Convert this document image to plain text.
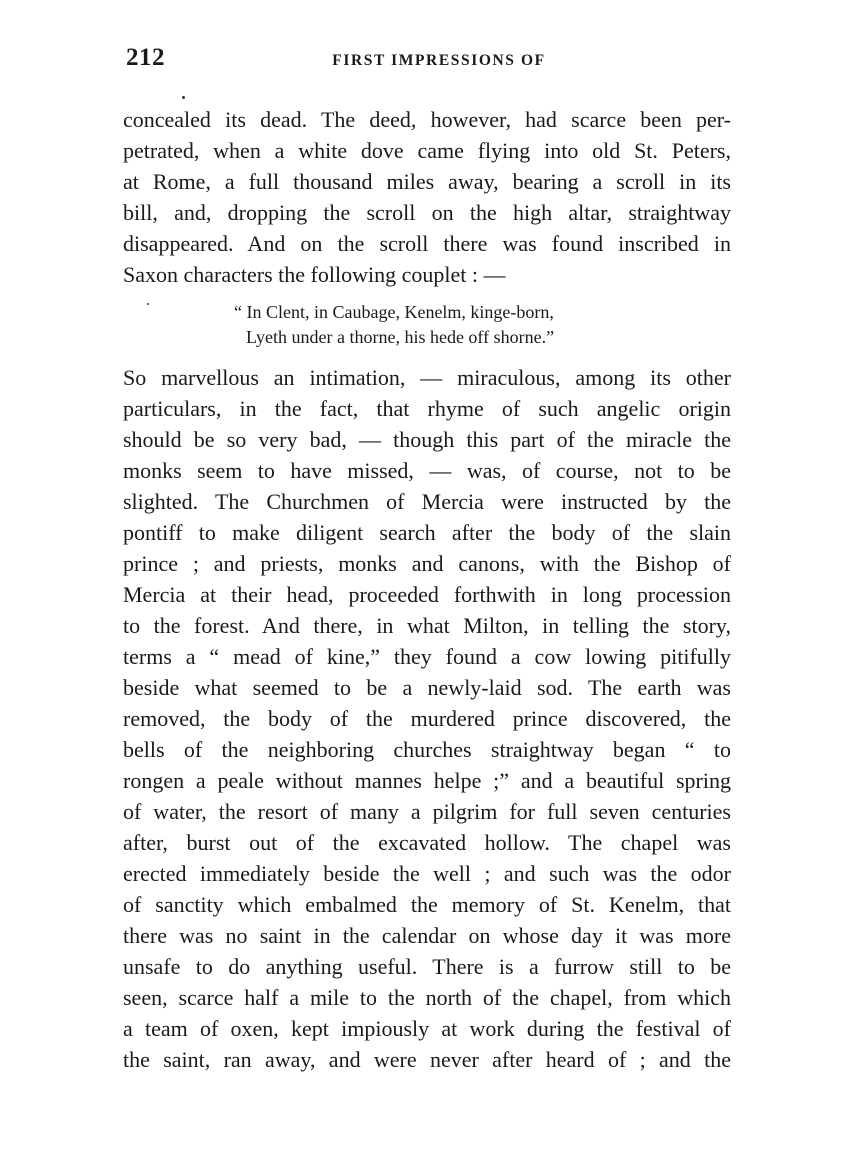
212	FIRST IMPRESSIONS OF
concealed its dead. The deed, however, had scarce been per-
petrated, when a white dove came flying into old St. Peters,
at Rome, a full thousand miles away, bearing a scroll in its
bill, and, dropping the scroll on the high altar, straightway
disappeared. And on the scroll there was found inscribed in
Saxon characters the following couplet : —
“ In Clent, in Caubage, Kenelm, kinge-born,
Lyeth under a thorne, his hede off shorne.”
So marvellous an intimation, — miraculous, among its other
particulars, in the fact, that rhyme of such angelic origin
should be so very bad, — though this part of the miracle the
monks seem to have missed, — was, of course, not to be
slighted. The Churchmen of Mercia were instructed by the
pontiff to make diligent search after the body of the slain
prince ; and priests, monks and canons, with the Bishop of
Mercia at their head, proceeded forthwith in long procession
to the forest. And there, in what Milton, in telling the story,
terms a “ mead of kine,” they found a cow lowing pitifully
beside what seemed to be a newly-laid sod. The earth was
removed, the body of the murdered prince discovered, the
bells of the neighboring churches straightway began “ to
rongen a peale without mannes helpe ;” and a beautiful spring
of water, the resort of many a pilgrim for full seven centuries
after, burst out of the excavated hollow. The chapel was
erected immediately beside the well ; and such was the odor
of sanctity which embalmed the memory of St. Kenelm, that
there was no saint in the calendar on whose day it was more
unsafe to do anything useful. There is a furrow still to be
seen, scarce half a mile to the north of the chapel, from which
a team of oxen, kept impiously at work during the festival of
the saint, ran away, and were never after heard of ; and the
